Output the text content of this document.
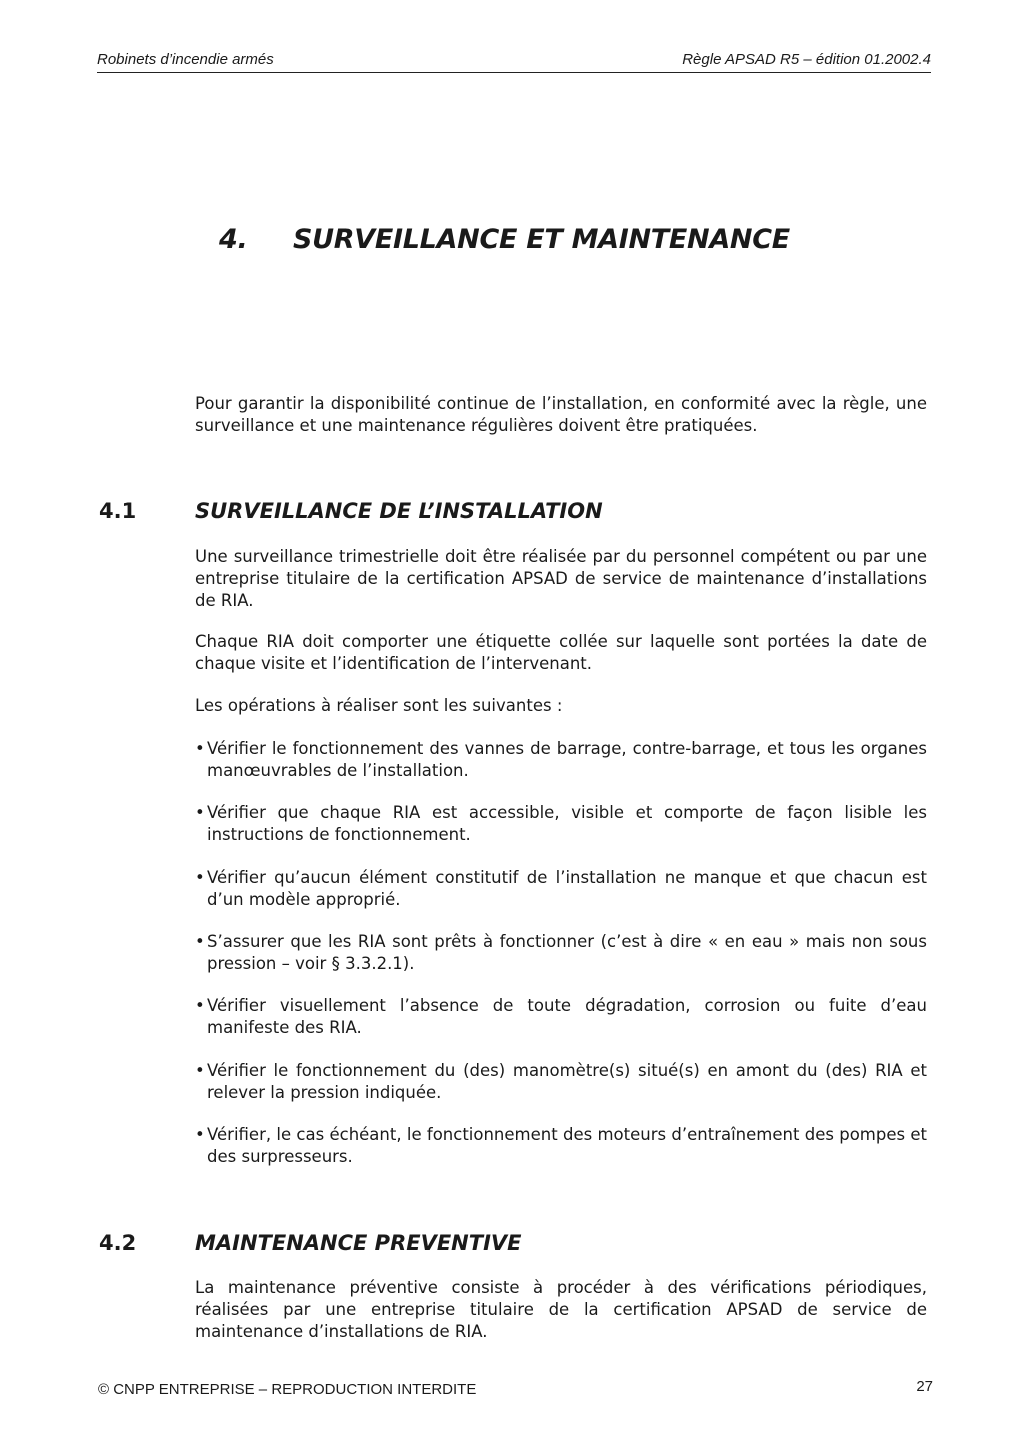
Robinets d’incendie armés	Règle APSAD R5 – édition 01.2002.4
4. SURVEILLANCE ET MAINTENANCE
Pour garantir la disponibilité continue de l’installation, en conformité avec la règle, une surveillance et une maintenance régulières doivent être pratiquées.
4.1	SURVEILLANCE DE L’INSTALLATION
Une surveillance trimestrielle doit être réalisée par du personnel compétent ou par une entreprise titulaire de la certification APSAD de service de maintenance d’installations de RIA.
Chaque RIA doit comporter une étiquette collée sur laquelle sont portées la date de chaque visite et l’identification de l’intervenant.
Les opérations à réaliser sont les suivantes :
• Vérifier le fonctionnement des vannes de barrage, contre-barrage, et tous les organes manœuvrables de l’installation.
• Vérifier que chaque RIA est accessible, visible et comporte de façon lisible les instructions de fonctionnement.
• Vérifier qu’aucun élément constitutif de l’installation ne manque et que chacun est d’un modèle approprié.
• S’assurer que les RIA sont prêts à fonctionner (c’est à dire « en eau » mais non sous pression – voir § 3.3.2.1).
• Vérifier visuellement l’absence de toute dégradation, corrosion ou fuite d’eau manifeste des RIA.
• Vérifier le fonctionnement du (des) manomètre(s) situé(s) en amont du (des) RIA et relever la pression indiquée.
• Vérifier, le cas échéant, le fonctionnement des moteurs d’entraînement des pompes et des surpresseurs.
4.2	MAINTENANCE PREVENTIVE
La maintenance préventive consiste à procéder à des vérifications périodiques, réalisées par une entreprise titulaire de la certification APSAD de service de maintenance d’installations de RIA.
© CNPP ENTREPRISE – REPRODUCTION INTERDITE	27
